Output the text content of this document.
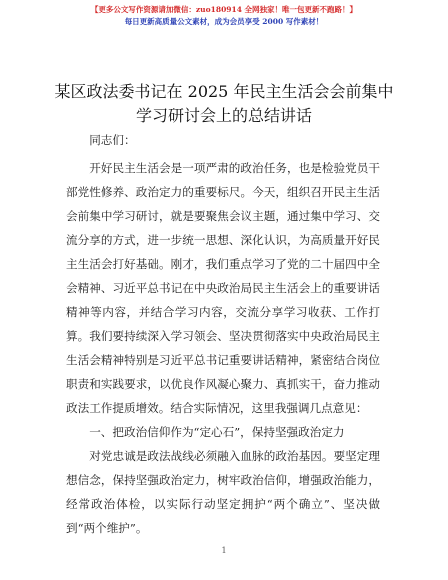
【更多公文写作资源请加微信：zuo180914 全网独家！唯一包更新不跑路！】
每日更新高质量公文素材，成为会员享受 2000 写作素材！
某区政法委书记在 2025 年民主生活会会前集中学习研讨会上的总结讲话

同志们：

开好民主生活会是一项严肃的政治任务，也是检验党员干部党性修养、政治定力的重要标尺。今天，组织召开民主生活会前集中学习研讨，就是要聚焦会议主题，通过集中学习、交流分享的方式，进一步统一思想、深化认识，为高质量开好民主生活会打好基础。刚才，我们重点学习了党的二十届四中全会精神、习近平总书记在中央政治局民主生活会上的重要讲话精神等内容，并结合学习内容，交流分享学习收获、工作打算。我们要持续深入学习领会、坚决贯彻落实中央政治局民主生活会精神特别是习近平总书记重要讲话精神，紧密结合岗位职责和实践要求，以优良作风凝心聚力、真抓实干，奋力推动政法工作提质增效。结合实际情况，这里我强调几点意见：

一、把政治信仰作为“定心石”，保持坚强政治定力

对党忠诚是政法战线必须融入血脉的政治基因。要坚定理想信念，保持坚强政治定力，树牢政治信仰，增强政治能力，经常政治体检，以实际行动坚定拥护“两个确立”、坚决做到“两个维护”。

1
